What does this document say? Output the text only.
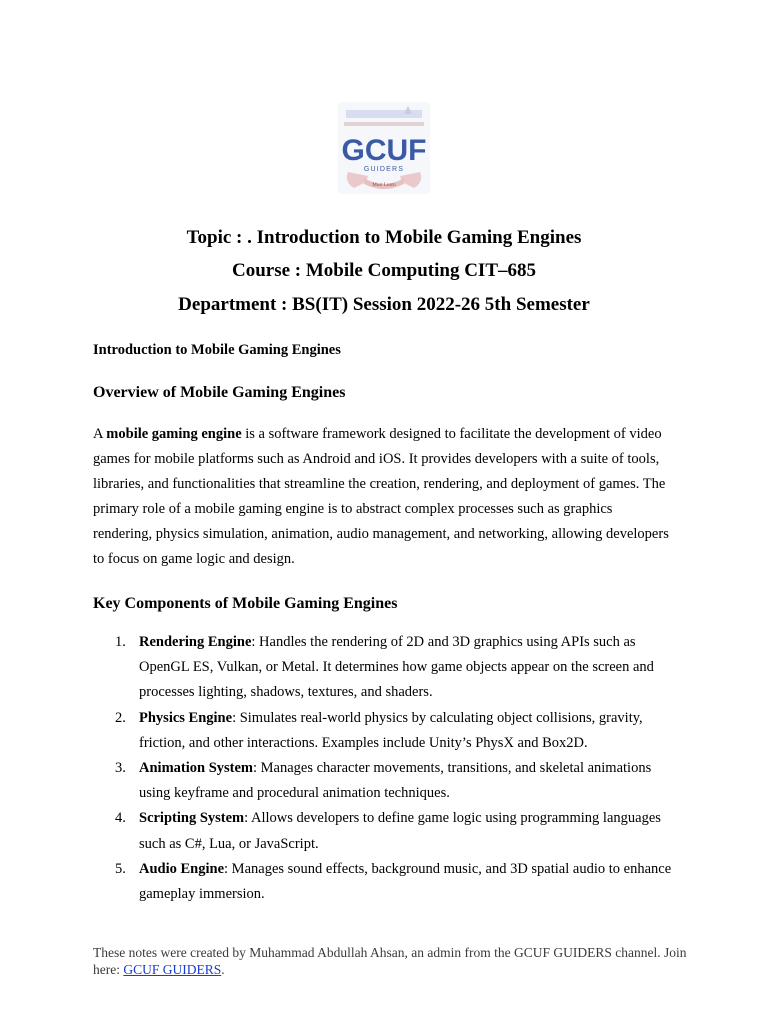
GCUF
GUIDERS
Must Learn
Topic : . Introduction to Mobile Gaming Engines
Course : Mobile Computing CIT–685
Department : BS(IT) Session 2022-26 5th Semester
Introduction to Mobile Gaming Engines
Overview of Mobile Gaming Engines

A mobile gaming engine is a software framework designed to facilitate the development of video games for mobile platforms such as Android and iOS. It provides developers with a suite of tools, libraries, and functionalities that streamline the creation, rendering, and deployment of games. The primary role of a mobile gaming engine is to abstract complex processes such as graphics rendering, physics simulation, animation, audio management, and networking, allowing developers to focus on game logic and design.

Key Components of Mobile Gaming Engines
1. Rendering Engine: Handles the rendering of 2D and 3D graphics using APIs such as OpenGL ES, Vulkan, or Metal. It determines how game objects appear on the screen and processes lighting, shadows, textures, and shaders.
2. Physics Engine: Simulates real-world physics by calculating object collisions, gravity, friction, and other interactions. Examples include Unity’s PhysX and Box2D.
3. Animation System: Manages character movements, transitions, and skeletal animations using keyframe and procedural animation techniques.
4. Scripting System: Allows developers to define game logic using programming languages such as C#, Lua, or JavaScript.
5. Audio Engine: Manages sound effects, background music, and 3D spatial audio to enhance gameplay immersion.
These notes were created by Muhammad Abdullah Ahsan, an admin from the GCUF GUIDERS channel. Join here: GCUF GUIDERS.
